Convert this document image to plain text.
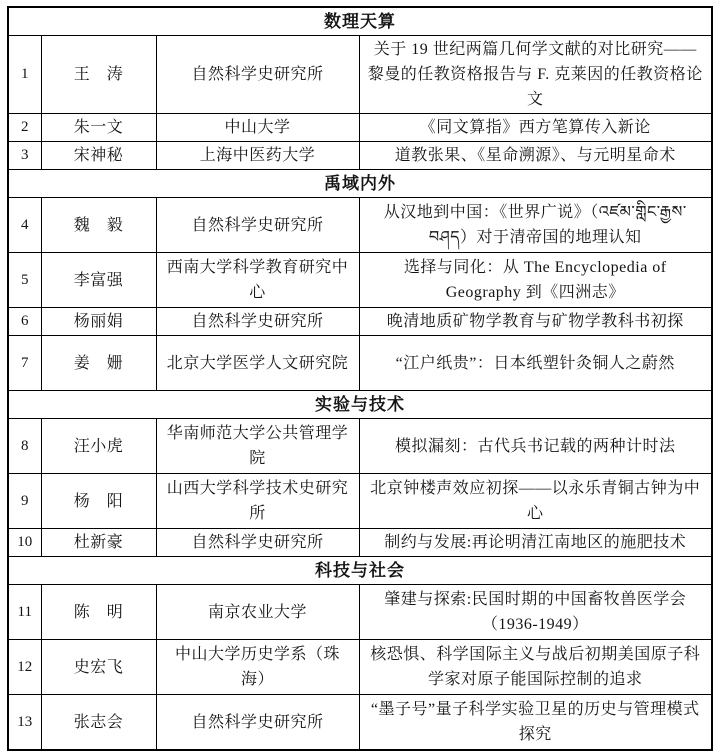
数理天算			
1	王　涛	自然科学史研究所	关于 19 世纪两篇几何学文献的对比研究——黎曼的任教资格报告与 F. 克莱因的任教资格论文
2	朱一文	中山大学	《同文算指》西方笔算传入新论
3	宋神秘	上海中医药大学	道教张果、《星命溯源》、与元明星命术
禹域内外			
4	魏　毅	自然科学史研究所	从汉地到中国：《世界广说》（འཛམ་གླིང་རྒྱས་བཤད）对于清帝国的地理认知
5	李富强	西南大学科学教育研究中心	选择与同化：从 The Encyclopedia of Geography 到《四洲志》
6	杨丽娟	自然科学史研究所	晚清地质矿物学教育与矿物学教科书初探
7	姜　姗	北京大学医学人文研究院	“江户纸贵”：日本纸塑针灸铜人之蔚然
实验与技术			
8	汪小虎	华南师范大学公共管理学院	模拟漏刻：古代兵书记载的两种计时法
9	杨　阳	山西大学科学技术史研究所	北京钟楼声效应初探——以永乐青铜古钟为中心
10	杜新豪	自然科学史研究所	制约与发展:再论明清江南地区的施肥技术
科技与社会			
11	陈　明	南京农业大学	肇建与探索:民国时期的中国畜牧兽医学会（1936-1949）
12	史宏飞	中山大学历史学系（珠海）	核恐惧、科学国际主义与战后初期美国原子科学家对原子能国际控制的追求
13	张志会	自然科学史研究所	“墨子号”量子科学实验卫星的历史与管理模式探究
